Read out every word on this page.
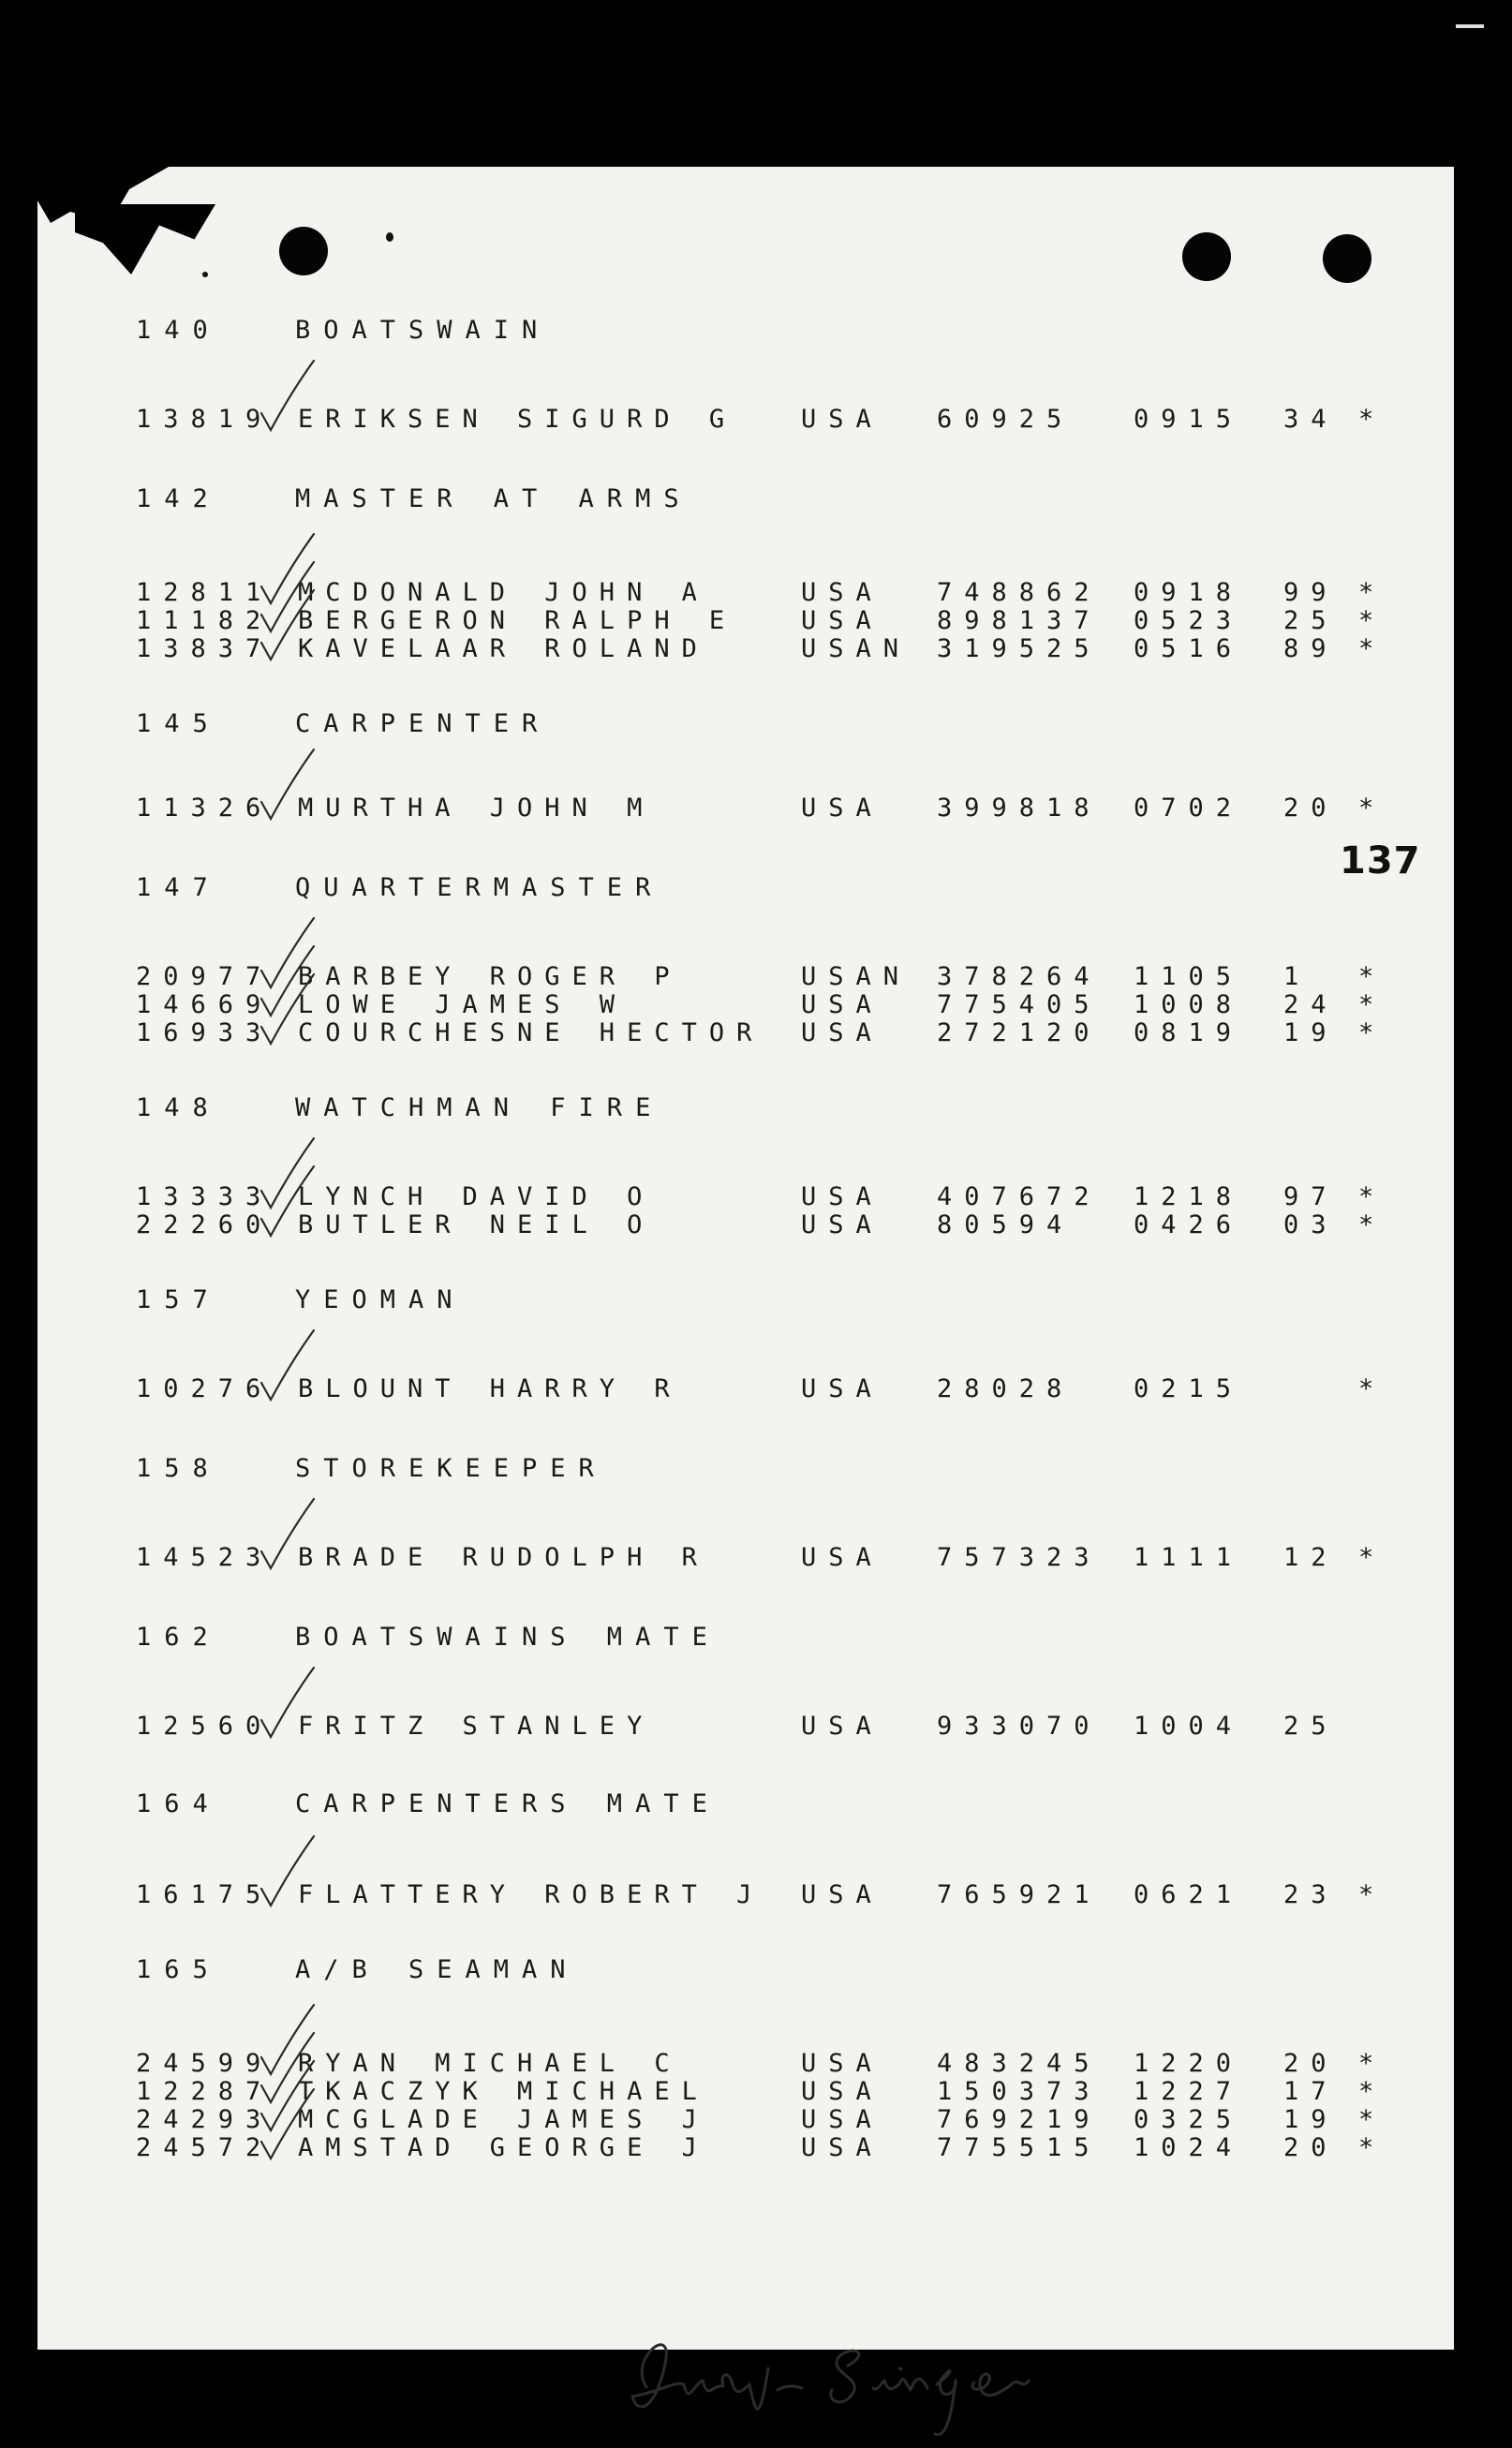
140	BOATSWAIN
13819 ERIKSEN SIGURD G	USA 60925 0915 34 *
142	MASTER AT ARMS
12811 MCDONALD JOHN A	USA 748862 0918 99 *
11182 BERGERON RALPH E	USA 898137 0523 25 *
13837 KAVELAAR ROLAND	USAN 319525 0516 89 *
145	CARPENTER
11326 MURTHA JOHN M	USA 399818 0702 20 *
147	QUARTERMASTER
20977 BARBEY ROGER P	USAN 378264 1105 1 *
14669 LOWE JAMES W	USA 775405 1008 24 *
16933 COURCHESNE HECTOR USA 272120 0819 19 *
148	WATCHMAN FIRE
13333 LYNCH DAVID O	USA 407672 1218 97 *
22260 BUTLER NEIL O	USA 80594 0426 03 *
157	YEOMAN
10276 BLOUNT HARRY R	USA 28028 0215	*
158	STOREKEEPER
14523 BRADE RUDOLPH R	USA 757323 1111 12 *
162	BOATSWAINS MATE
12560 FRITZ STANLEY	USA 933070 1004 25
164	CARPENTERS MATE
16175 FLATTERY ROBERT J USA 765921 0621 23 *
165	A/B SEAMAN
24599 RYAN MICHAEL C	USA 483245 1220 20 *
12287 TKACZYK MICHAEL	USA 150373 1227 17 *
24293 MCGLADE JAMES J	USA 769219 0325 19 *
24572 AMSTAD GEORGE J	USA 775515 1024 20 *
137
